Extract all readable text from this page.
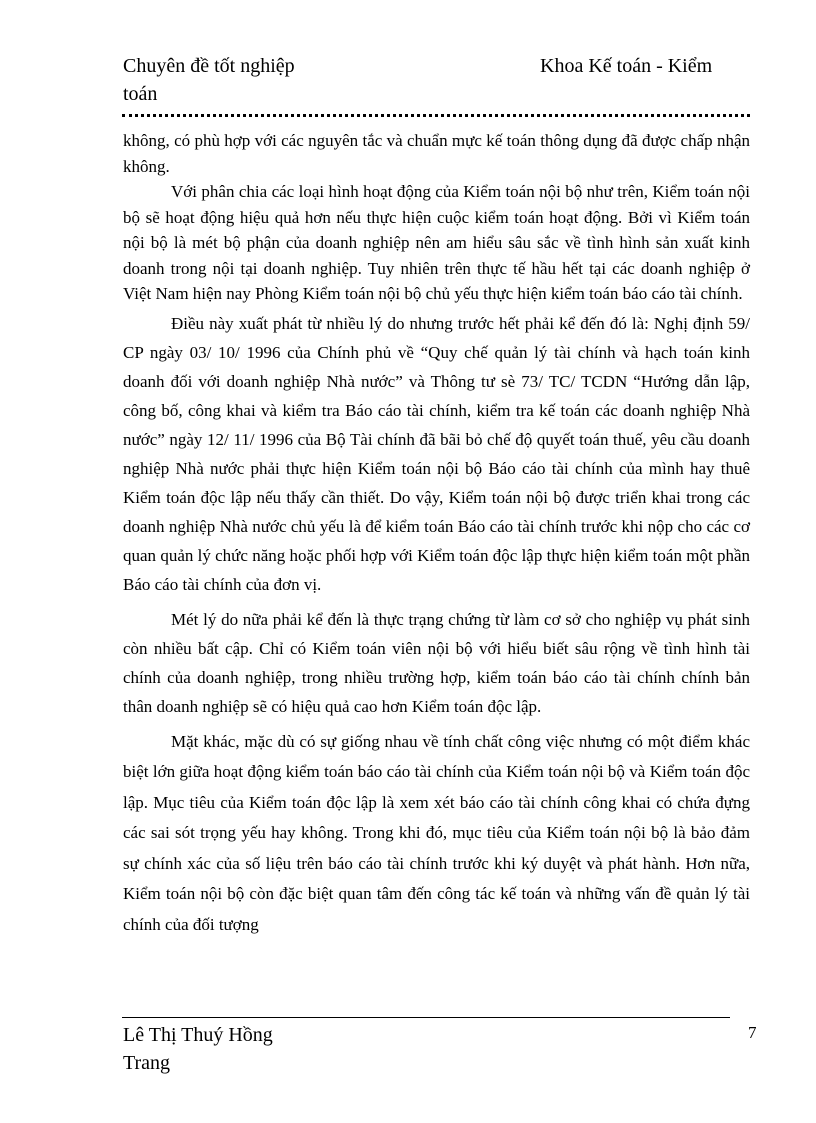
Chuyên đề tốt nghiệp
toán
Khoa Kế toán - Kiểm

không, có phù hợp với các nguyên tắc và chuẩn mực kế toán thông dụng đã được chấp nhận không.

Với phân chia các loại hình hoạt động của Kiểm toán nội bộ như trên, Kiểm toán nội bộ sẽ hoạt động hiệu quả hơn nếu thực hiện cuộc kiểm toán hoạt động. Bởi vì Kiểm toán nội bộ là mét bộ phận của doanh nghiệp nên am hiểu sâu sắc về tình hình sản xuất kinh doanh trong nội tại doanh nghiệp. Tuy nhiên trên thực tế hầu hết tại các doanh nghiệp ở Việt Nam hiện nay Phòng Kiểm toán nội bộ chủ yếu thực hiện kiểm toán báo cáo tài chính.

Điều này xuất phát từ nhiều lý do nhưng trước hết phải kể đến đó là: Nghị định 59/ CP ngày 03/ 10/ 1996 của Chính phủ về “Quy chế quản lý tài chính và hạch toán kinh doanh đối với doanh nghiệp Nhà nước” và Thông tư sè 73/ TC/ TCDN “Hướng dẫn lập, công bố, công khai và kiểm tra Báo cáo tài chính, kiểm tra kế toán các doanh nghiệp Nhà nước” ngày 12/ 11/ 1996 của Bộ Tài chính đã bãi bỏ chế độ quyết toán thuế, yêu cầu doanh nghiệp Nhà nước phải thực hiện Kiểm toán nội bộ Báo cáo tài chính của mình hay thuê Kiểm toán độc lập nếu thấy cần thiết. Do vậy, Kiểm toán nội bộ được triển khai trong các doanh nghiệp Nhà nước chủ yếu là để kiểm toán Báo cáo tài chính trước khi nộp cho các cơ quan quản lý chức năng hoặc phối hợp với Kiểm toán độc lập thực hiện kiểm toán một phần Báo cáo tài chính của đơn vị.

Mét lý do nữa phải kể đến là thực trạng chứng từ làm cơ sở cho nghiệp vụ phát sinh còn nhiều bất cập. Chỉ có Kiểm toán viên nội bộ với hiểu biết sâu rộng về tình hình tài chính của doanh nghiệp, trong nhiều trường hợp, kiểm toán báo cáo tài chính chính bản thân doanh nghiệp sẽ có hiệu quả cao hơn Kiểm toán độc lập.

Mặt khác, mặc dù có sự giống nhau về tính chất công việc nhưng có một điểm khác biệt lớn giữa hoạt động kiểm toán báo cáo tài chính của Kiểm toán nội bộ và Kiểm toán độc lập. Mục tiêu của Kiểm toán độc lập là xem xét báo cáo tài chính công khai có chứa đựng các sai sót trọng yếu hay không. Trong khi đó, mục tiêu của Kiểm toán nội bộ là bảo đảm sự chính xác của số liệu trên báo cáo tài chính trước khi ký duyệt và phát hành. Hơn nữa, Kiểm toán nội bộ còn đặc biệt quan tâm đến công tác kế toán và những vấn đề quản lý tài chính của đối tượng

Lê Thị Thuý Hồng
Trang
7
